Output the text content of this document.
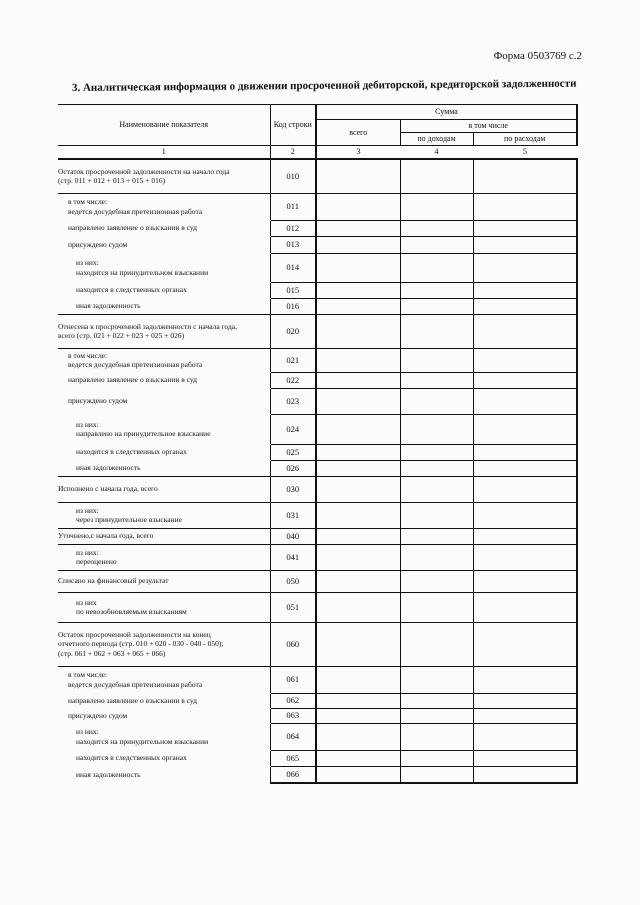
Форма 0503769 с.2
3. Аналитическая информация о движении просроченной дебиторской, кредиторской задолженности
Наименование показателя	Код строки	Сумма		
		всего	в том числе	
			по доходам	по расходам
1	2	3	4	5

Остаток просроченной задолженности на начало года
(стр. 011 + 012 + 013 + 015 + 016)	010			

в том числе:
ведется досудебная претензионная работа	011			

направлено заявление о взыскании в суд	012			

присуждено судом	013			

из них:
находится на принудительном взыскании	014			

находится в следственных органах	015			

иная задолженность	016			

Отнесена к просроченной задолженности с начала года,
всего (стр. 021 + 022 + 023 + 025 + 026)	020			

в том числе:
ведется досудебная претензионная работа	021			

направлено заявление о взыскании в суд	022			

присуждено судом	023			

из них:
направлено на принудительное взыскание	024			

находится в следственных органах	025			

иная задолженность	026			

Исполнено с начала года, всего	030			

из них:
через принудительное взыскание	031			

Уточнено,с начала года, всего	040			

из них:
переоценено	041			

Списано на финансовый результат	050			

из них
по невозобновляемым взысканиям	051			

Остаток просроченной задолженности на конец
отчетного периода (стр. 010 + 020 - 030 - 040 - 050);
(стр. 061 + 062 + 063 + 065 + 066)	060			

в том числе:
ведется досудебная претензионная работа	061			

направлено заявление о взыскании в суд	062			

присуждено судом	063			

из них:
находится на принудительном взыскании	064			

находится в следственных органах	065			

иная задолженность	066			
